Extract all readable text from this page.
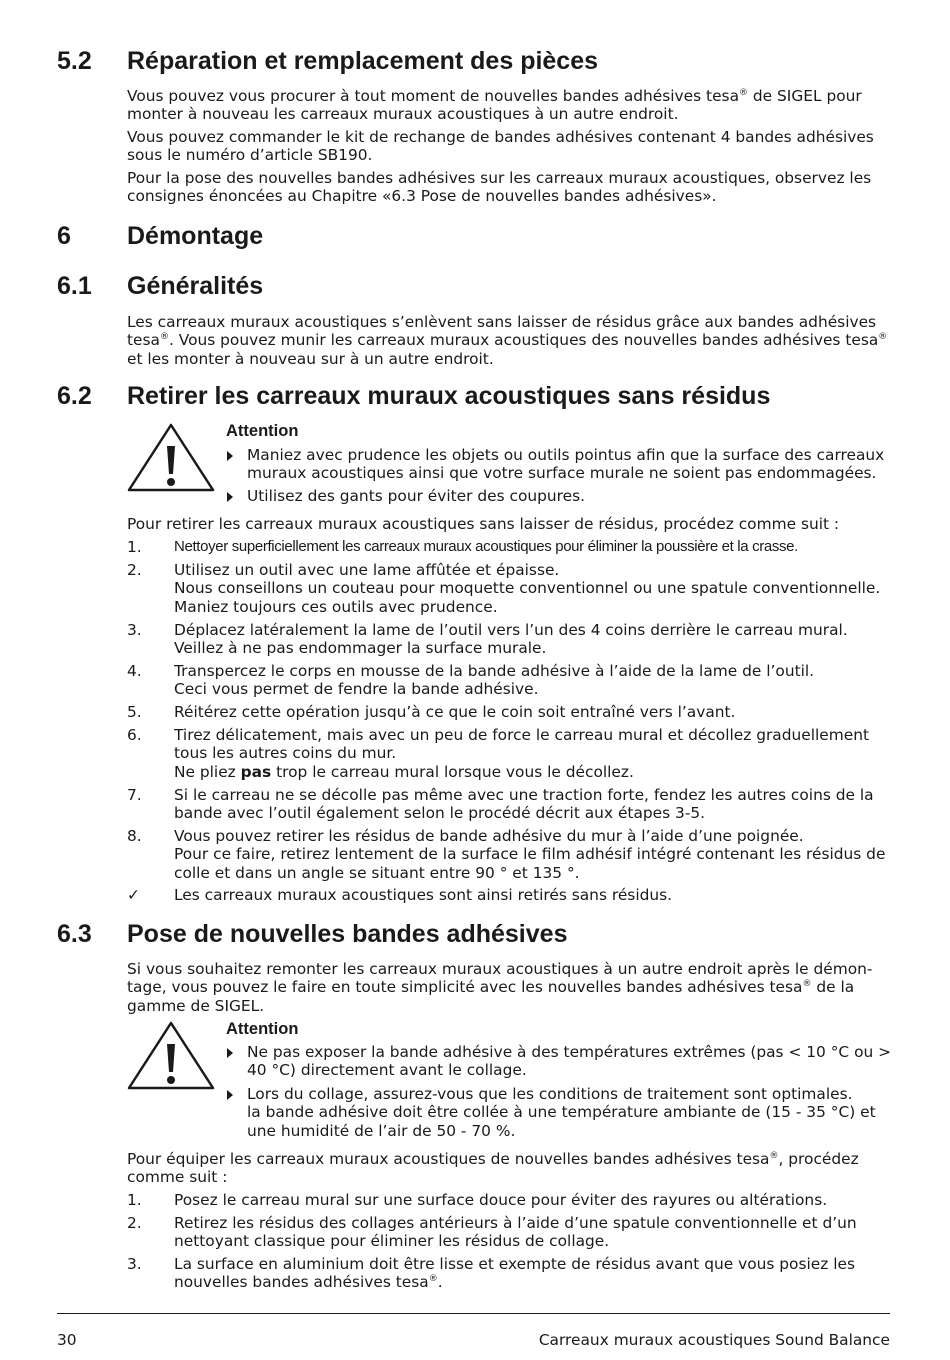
5.2 Réparation et remplacement des pièces

Vous pouvez vous procurer à tout moment de nouvelles bandes adhésives tesa® de SIGEL pour monter à nouveau les carreaux muraux acoustiques à un autre endroit.

Vous pouvez commander le kit de rechange de bandes adhésives contenant 4 bandes adhésives sous le numéro d’article SB190.

Pour la pose des nouvelles bandes adhésives sur les carreaux muraux acoustiques, observez les consignes énoncées au Chapitre «6.3 Pose de nouvelles bandes adhésives».

6 Démontage
6.1 Généralités

Les carreaux muraux acoustiques s’enlèvent sans laisser de résidus grâce aux bandes adhésives tesa®. Vous pouvez munir les carreaux muraux acoustiques des nouvelles bandes adhésives tesa® et les monter à nouveau sur à un autre endroit.

6.2 Retirer les carreaux muraux acoustiques sans résidus
Attention
Maniez avec prudence les objets ou outils pointus afin que la surface des carreaux muraux acoustiques ainsi que votre surface murale ne soient pas endommagées.
Utilisez des gants pour éviter des coupures.
Pour retirer les carreaux muraux acoustiques sans laisser de résidus, procédez comme suit :
1. Nettoyer superficiellement les carreaux muraux acoustiques pour éliminer la poussière et la crasse.
2. Utilisez un outil avec une lame affûtée et épaisse.
Nous conseillons un couteau pour moquette conventionnel ou une spatule conventionnelle.
Maniez toujours ces outils avec prudence.
3. Déplacez latéralement la lame de l’outil vers l’un des 4 coins derrière le carreau mural.
Veillez à ne pas endommager la surface murale.
4. Transpercez le corps en mousse de la bande adhésive à l’aide de la lame de l’outil.
Ceci vous permet de fendre la bande adhésive.
5. Réitérez cette opération jusqu’à ce que le coin soit entraîné vers l’avant.
6. Tirez délicatement, mais avec un peu de force le carreau mural et décollez graduellement tous les autres coins du mur.
Ne pliez pas trop le carreau mural lorsque vous le décollez.
7. Si le carreau ne se décolle pas même avec une traction forte, fendez les autres coins de la bande avec l’outil également selon le procédé décrit aux étapes 3-5.
8. Vous pouvez retirer les résidus de bande adhésive du mur à l’aide d’une poignée.
Pour ce faire, retirez lentement de la surface le film adhésif intégré contenant les résidus de colle et dans un angle se situant entre 90 ° et 135 °.
✓ Les carreaux muraux acoustiques sont ainsi retirés sans résidus.
6.3 Pose de nouvelles bandes adhésives

Si vous souhaitez remonter les carreaux muraux acoustiques à un autre endroit après le démon-tage, vous pouvez le faire en toute simplicité avec les nouvelles bandes adhésives tesa® de la gamme de SIGEL.

Attention
Ne pas exposer la bande adhésive à des températures extrêmes (pas < 10 °C ou > 40 °C) directement avant le collage.
Lors du collage, assurez-vous que les conditions de traitement sont optimales.
la bande adhésive doit être collée à une température ambiante de (15 - 35 °C) et une humidité de l’air de 50 - 70 %.
Pour équiper les carreaux muraux acoustiques de nouvelles bandes adhésives tesa®, procédez comme suit :
1. Posez le carreau mural sur une surface douce pour éviter des rayures ou altérations.
2. Retirez les résidus des collages antérieurs à l’aide d’une spatule conventionnelle et d’un nettoyant classique pour éliminer les résidus de collage.
3. La surface en aluminium doit être lisse et exempte de résidus avant que vous posiez les nouvelles bandes adhésives tesa®.
30	Carreaux muraux acoustiques Sound Balance
